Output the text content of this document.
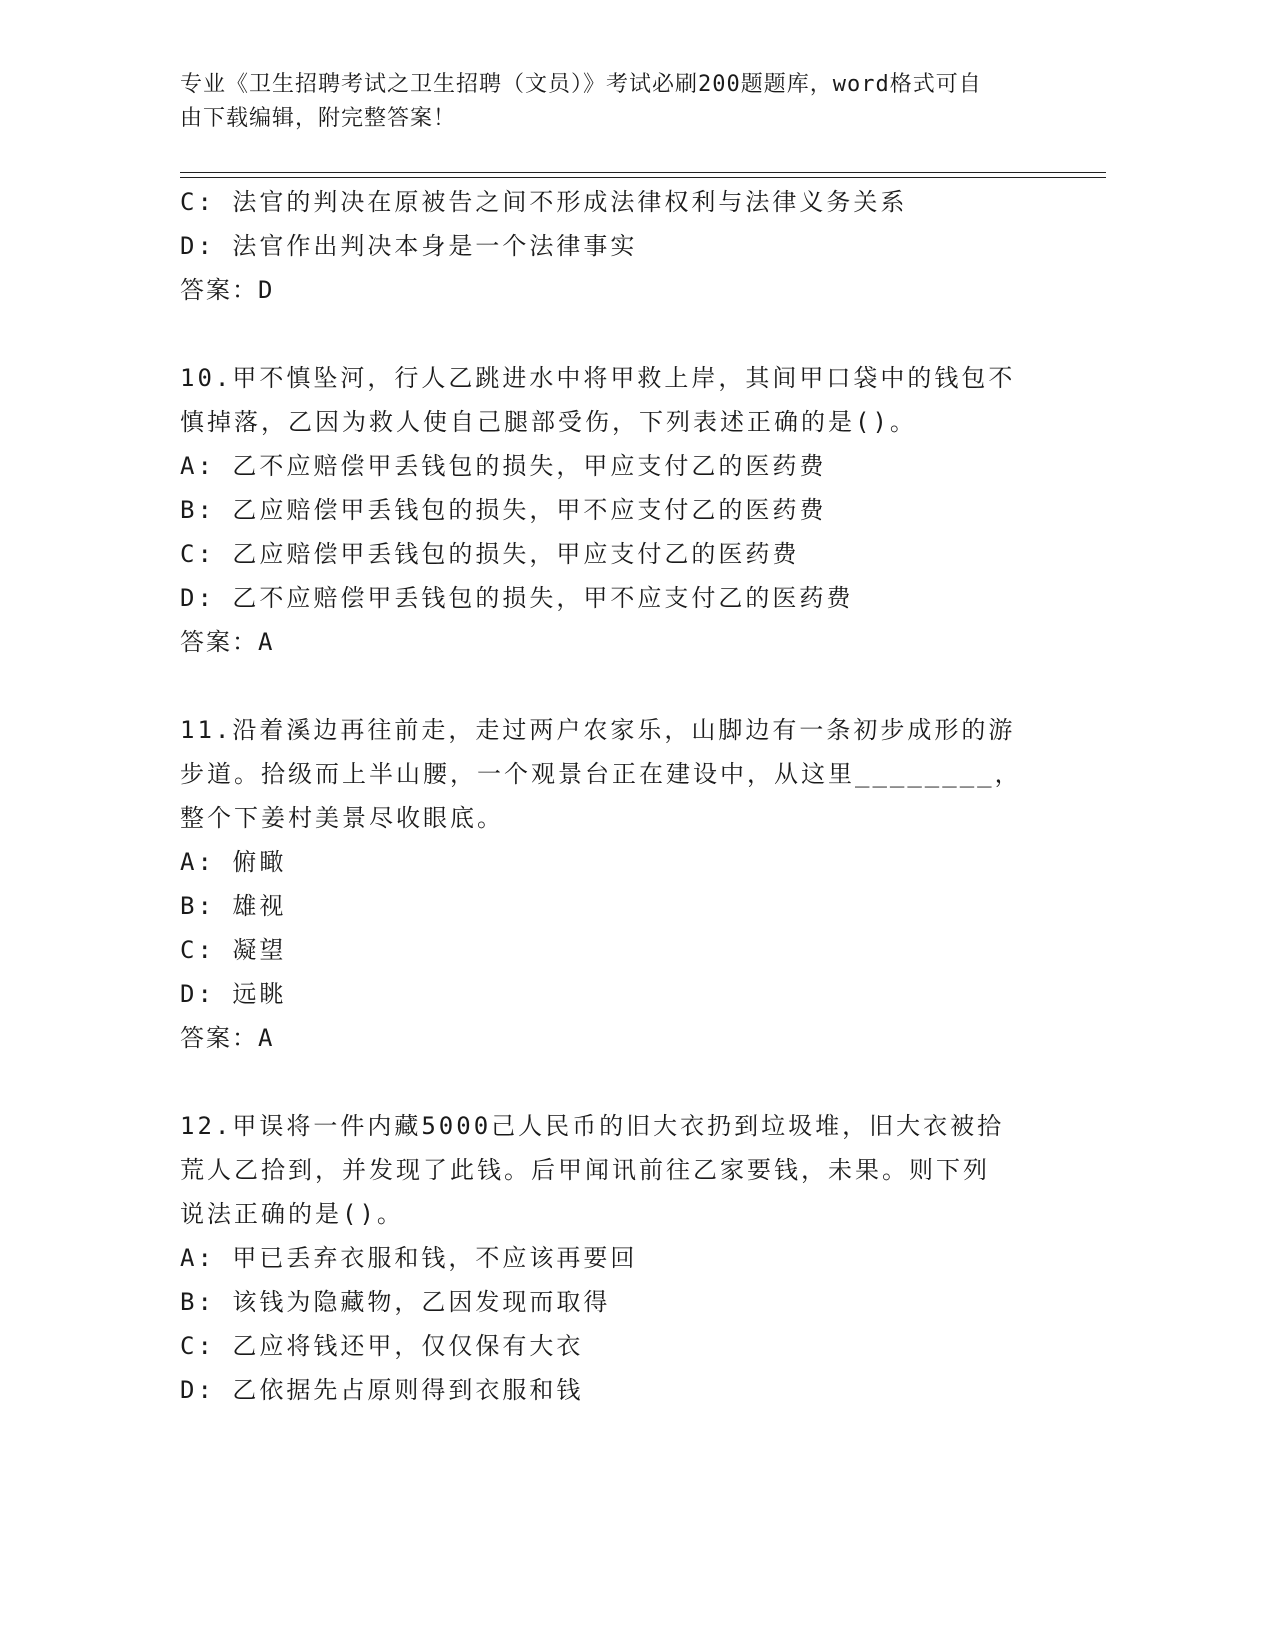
专业《卫生招聘考试之卫生招聘（文员）》考试必刷200题题库，word格式可自
由下载编辑，附完整答案！
C: 法官的判决在原被告之间不形成法律权利与法律义务关系
D: 法官作出判决本身是一个法律事实
答案：D
10.甲不慎坠河，行人乙跳进水中将甲救上岸，其间甲口袋中的钱包不
慎掉落，乙因为救人使自己腿部受伤，下列表述正确的是()。
A: 乙不应赔偿甲丢钱包的损失，甲应支付乙的医药费
B: 乙应赔偿甲丢钱包的损失，甲不应支付乙的医药费
C: 乙应赔偿甲丢钱包的损失，甲应支付乙的医药费
D: 乙不应赔偿甲丢钱包的损失，甲不应支付乙的医药费
答案：A
11.沿着溪边再往前走，走过两户农家乐，山脚边有一条初步成形的游
步道。拾级而上半山腰，一个观景台正在建设中，从这里________，
整个下姜村美景尽收眼底。
A: 俯瞰
B: 雄视
C: 凝望
D: 远眺
答案：A
12.甲误将一件内藏5000己人民币的旧大衣扔到垃圾堆，旧大衣被拾
荒人乙拾到，并发现了此钱。后甲闻讯前往乙家要钱，未果。则下列
说法正确的是()。
A: 甲已丢弃衣服和钱，不应该再要回
B: 该钱为隐藏物，乙因发现而取得
C: 乙应将钱还甲，仅仅保有大衣
D: 乙依据先占原则得到衣服和钱
